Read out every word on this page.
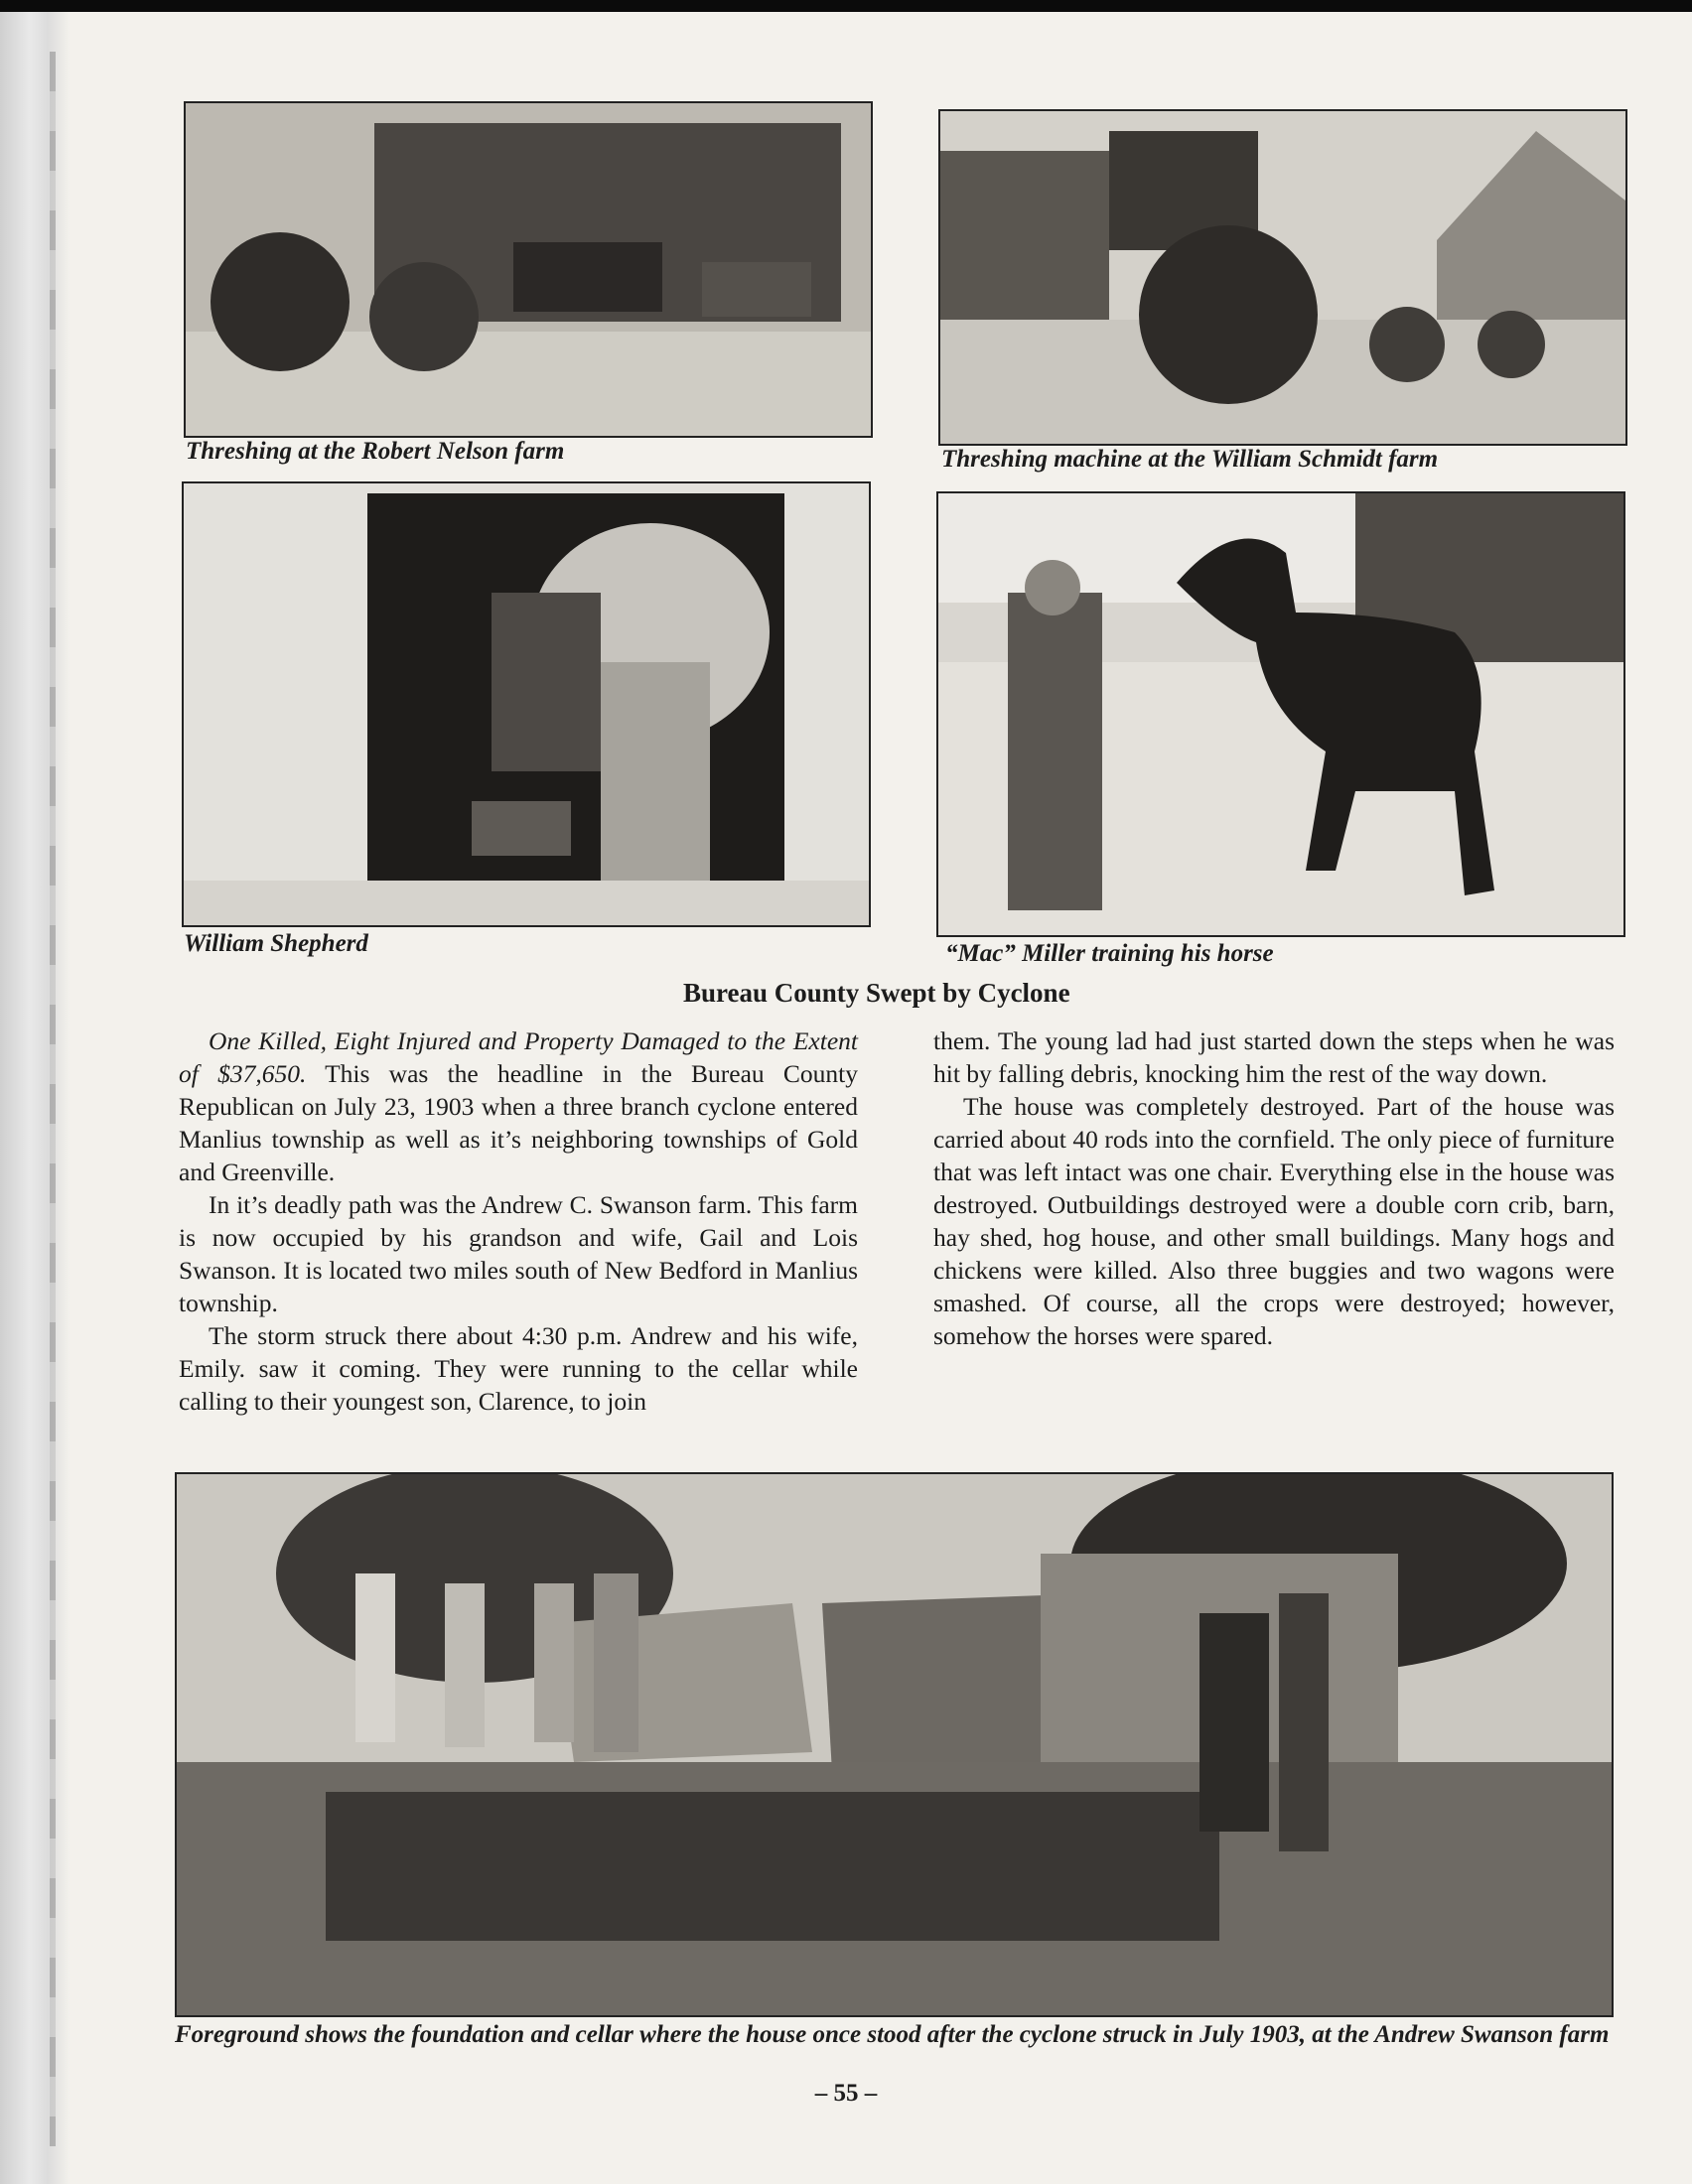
Threshing at the Robert Nelson farm	Threshing machine at the William Schmidt farm

William Shepherd	“Mac” Miller training his horse

Bureau County Swept by Cyclone

One Killed, Eight Injured and Property Damaged to the Extent of $37,650. This was the headline in the Bureau County Republican on July 23, 1903 when a three branch cyclone entered Manlius township as well as it’s neighboring townships of Gold and Greenville.

In it’s deadly path was the Andrew C. Swanson farm. This farm is now occupied by his grandson and wife, Gail and Lois Swanson. It is located two miles south of New Bedford in Manlius township.

The storm struck there about 4:30 p.m. Andrew and his wife, Emily. saw it coming. They were running to the cellar while calling to their youngest son, Clarence, to join

them. The young lad had just started down the steps when he was hit by falling debris, knocking him the rest of the way down.

The house was completely destroyed. Part of the house was carried about 40 rods into the cornfield. The only piece of furniture that was left intact was one chair. Everything else in the house was destroyed. Outbuildings destroyed were a double corn crib, barn, hay shed, hog house, and other small buildings. Many hogs and chickens were killed. Also three buggies and two wagons were smashed. Of course, all the crops were destroyed; however, somehow the horses were spared.

Foreground shows the foundation and cellar where the house once stood after the cyclone struck in July 1903, at the Andrew Swanson farm

– 55 –
